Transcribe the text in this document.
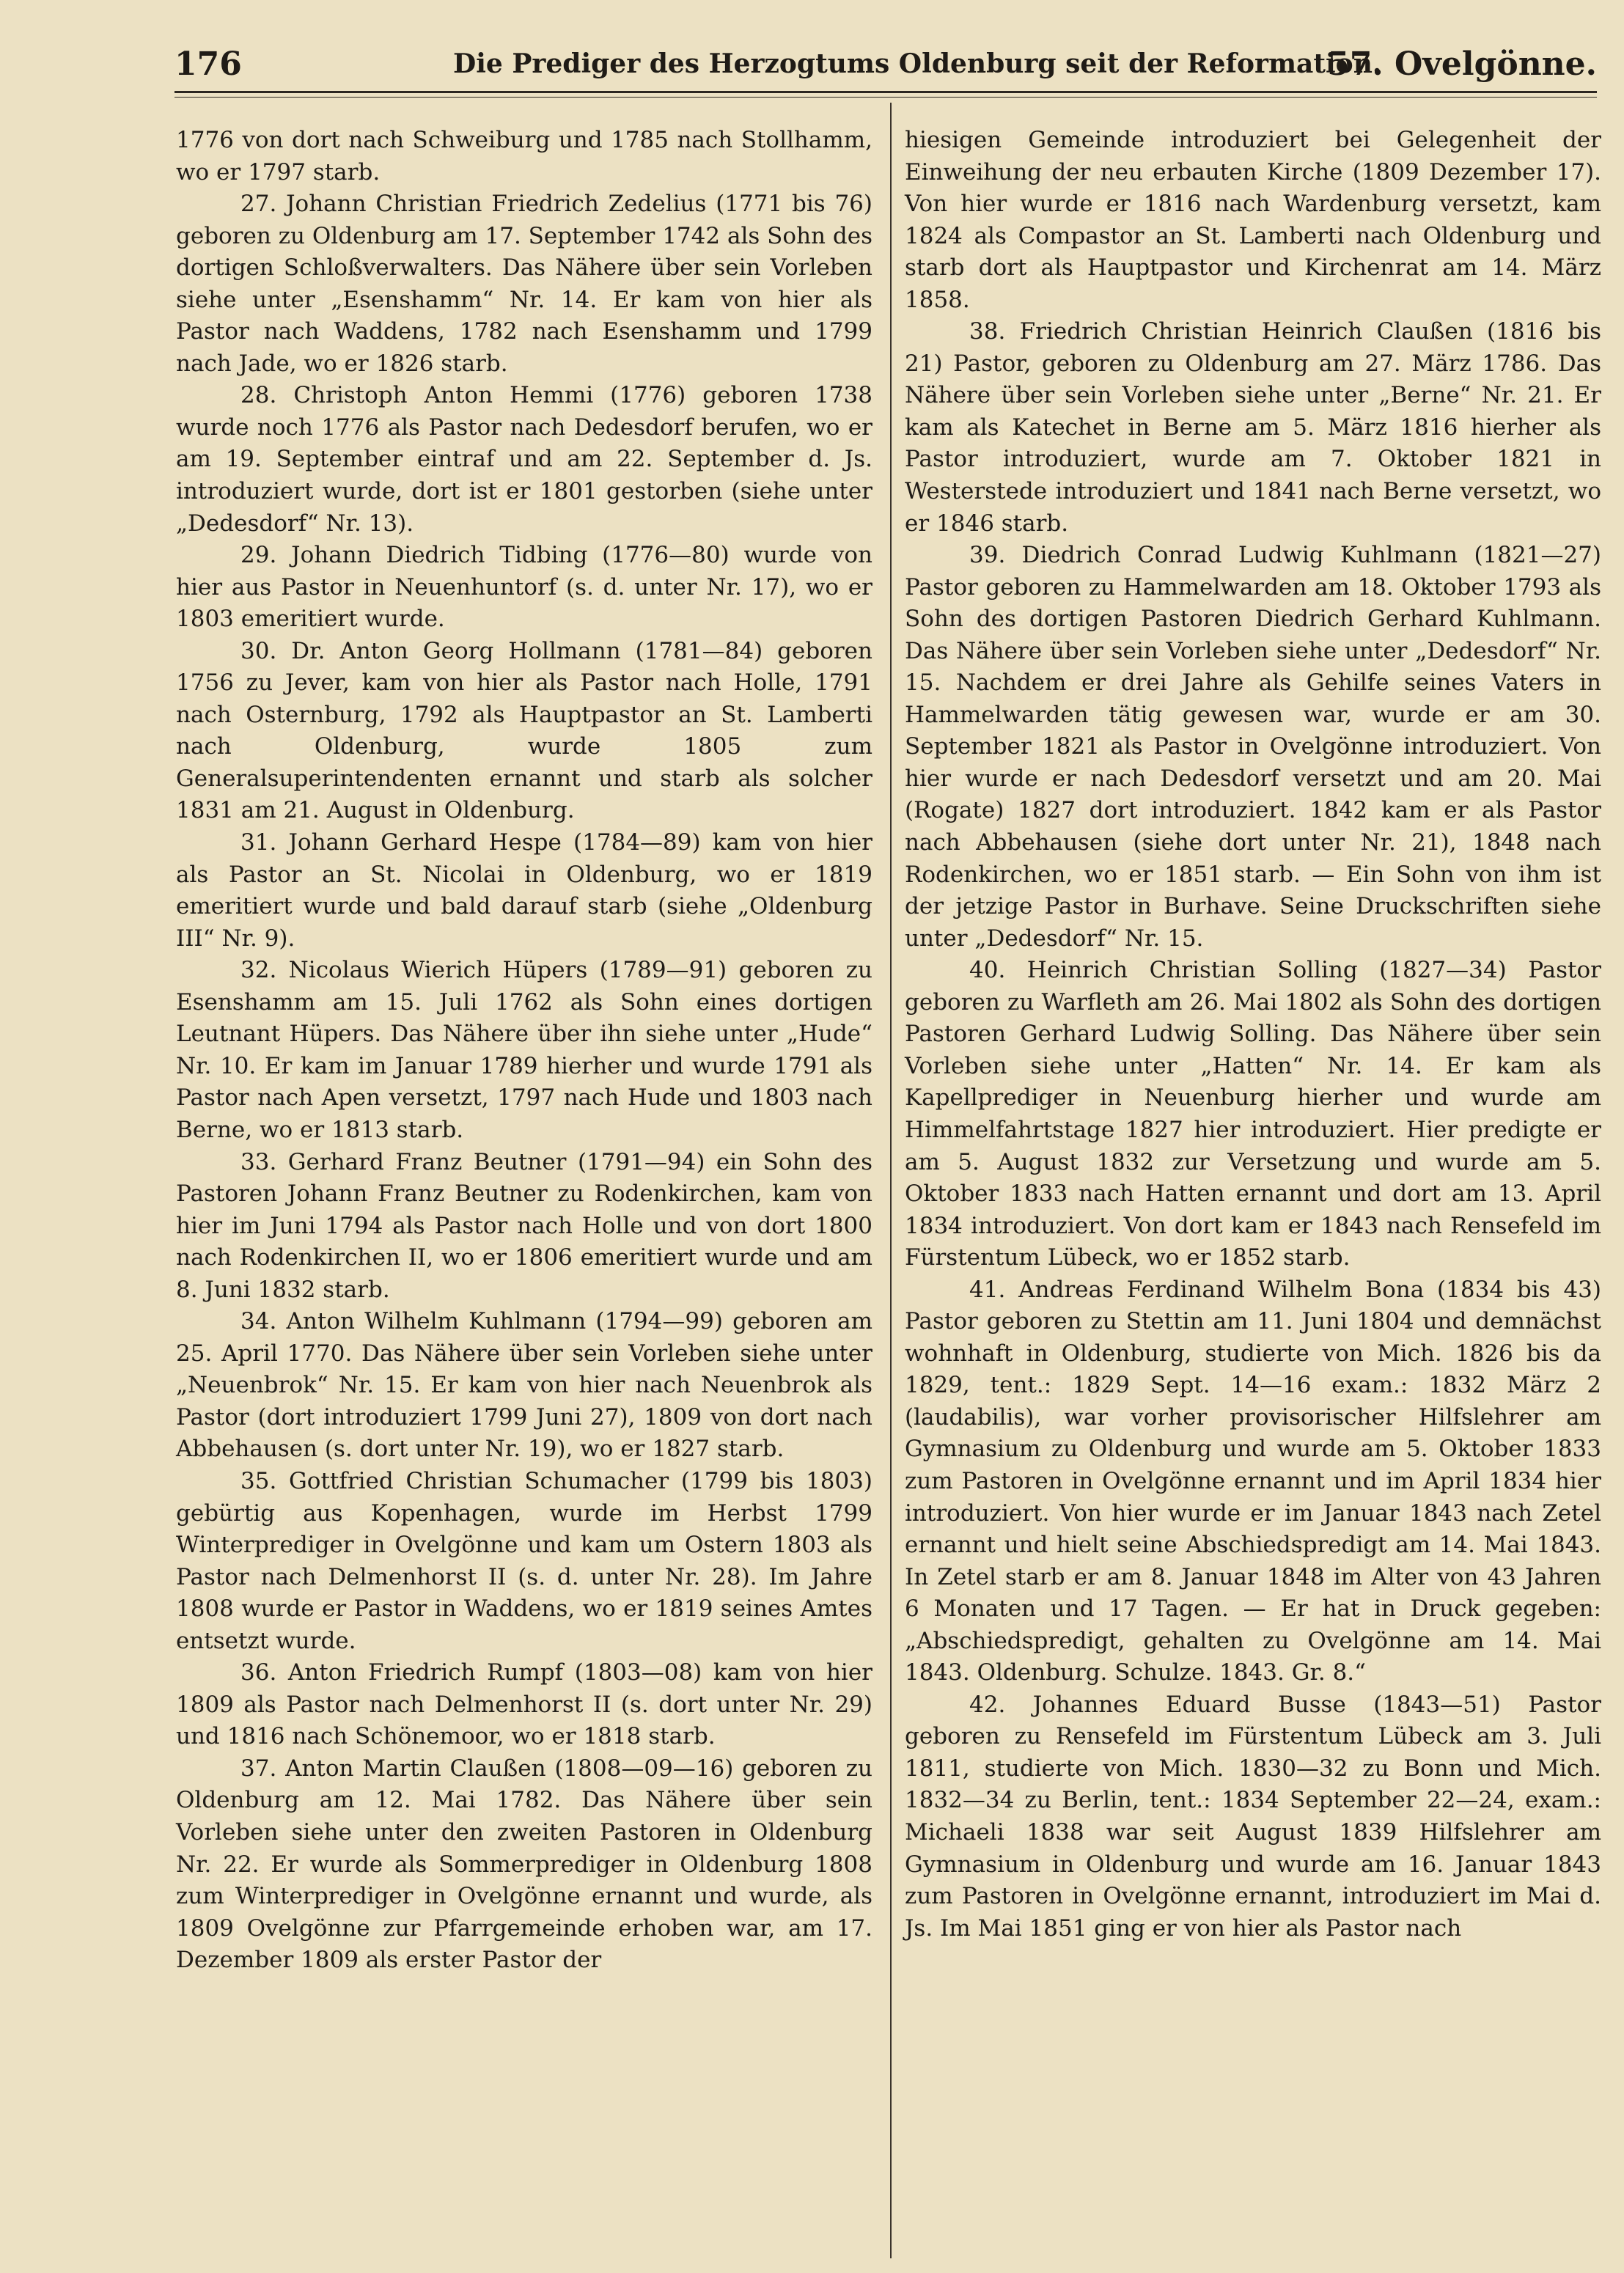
176	Die Prediger des Herzogtums Oldenburg seit der Reformation.
57. Ovelgönne.

1776 von dort nach Schweiburg und 1785 nach Stollhamm, wo er 1797 starb.

27. Johann Christian Friedrich Zedelius (1771 bis 76) geboren zu Oldenburg am 17. September 1742 als Sohn des dortigen Schloßverwalters. Das Nähere über sein Vorleben siehe unter „Esenshamm“ Nr. 14. Er kam von hier als Pastor nach Waddens, 1782 nach Esenshamm und 1799 nach Jade, wo er 1826 starb.

28. Christoph Anton Hemmi (1776) geboren 1738 wurde noch 1776 als Pastor nach Dedesdorf berufen, wo er am 19. September eintraf und am 22. September d. Js. introduziert wurde, dort ist er 1801 gestorben (siehe unter „Dedesdorf“ Nr. 13).

29. Johann Diedrich Tidbing (1776—80) wurde von hier aus Pastor in Neuenhuntorf (s. d. unter Nr. 17), wo er 1803 emeritiert wurde.

30. Dr. Anton Georg Hollmann (1781—84) geboren 1756 zu Jever, kam von hier als Pastor nach Holle, 1791 nach Osternburg, 1792 als Hauptpastor an St. Lamberti nach Oldenburg, wurde 1805 zum Generalsuperintendenten ernannt und starb als solcher 1831 am 21. August in Oldenburg.

31. Johann Gerhard Hespe (1784—89) kam von hier als Pastor an St. Nicolai in Oldenburg, wo er 1819 emeritiert wurde und bald darauf starb (siehe „Oldenburg III“ Nr. 9).

32. Nicolaus Wierich Hüpers (1789—91) geboren zu Esenshamm am 15. Juli 1762 als Sohn eines dortigen Leutnant Hüpers. Das Nähere über ihn siehe unter „Hude“ Nr. 10. Er kam im Januar 1789 hierher und wurde 1791 als Pastor nach Apen versetzt, 1797 nach Hude und 1803 nach Berne, wo er 1813 starb.

33. Gerhard Franz Beutner (1791—94) ein Sohn des Pastoren Johann Franz Beutner zu Rodenkirchen, kam von hier im Juni 1794 als Pastor nach Holle und von dort 1800 nach Rodenkirchen II, wo er 1806 emeritiert wurde und am 8. Juni 1832 starb.

34. Anton Wilhelm Kuhlmann (1794—99) geboren am 25. April 1770. Das Nähere über sein Vorleben siehe unter „Neuenbrok“ Nr. 15. Er kam von hier nach Neuenbrok als Pastor (dort introduziert 1799 Juni 27), 1809 von dort nach Abbehausen (s. dort unter Nr. 19), wo er 1827 starb.

35. Gottfried Christian Schumacher (1799 bis 1803) gebürtig aus Kopenhagen, wurde im Herbst 1799 Winterprediger in Ovelgönne und kam um Ostern 1803 als Pastor nach Delmenhorst II (s. d. unter Nr. 28). Im Jahre 1808 wurde er Pastor in Waddens, wo er 1819 seines Amtes entsetzt wurde.

36. Anton Friedrich Rumpf (1803—08) kam von hier 1809 als Pastor nach Delmenhorst II (s. dort unter Nr. 29) und 1816 nach Schönemoor, wo er 1818 starb.

37. Anton Martin Claußen (1808—09—16) geboren zu Oldenburg am 12. Mai 1782. Das Nähere über sein Vorleben siehe unter den zweiten Pastoren in Oldenburg Nr. 22. Er wurde als Sommerprediger in Oldenburg 1808 zum Winterprediger in Ovelgönne ernannt und wurde, als 1809 Ovelgönne zur Pfarrgemeinde erhoben war, am 17. Dezember 1809 als erster Pastor der

hiesigen Gemeinde introduziert bei Gelegenheit der Einweihung der neu erbauten Kirche (1809 Dezember 17). Von hier wurde er 1816 nach Wardenburg versetzt, kam 1824 als Compastor an St. Lamberti nach Oldenburg und starb dort als Hauptpastor und Kirchenrat am 14. März 1858.

38. Friedrich Christian Heinrich Claußen (1816 bis 21) Pastor, geboren zu Oldenburg am 27. März 1786. Das Nähere über sein Vorleben siehe unter „Berne“ Nr. 21. Er kam als Katechet in Berne am 5. März 1816 hierher als Pastor introduziert, wurde am 7. Oktober 1821 in Westerstede introduziert und 1841 nach Berne versetzt, wo er 1846 starb.

39. Diedrich Conrad Ludwig Kuhlmann (1821—27) Pastor geboren zu Hammelwarden am 18. Oktober 1793 als Sohn des dortigen Pastoren Diedrich Gerhard Kuhlmann. Das Nähere über sein Vorleben siehe unter „Dedesdorf“ Nr. 15. Nachdem er drei Jahre als Gehilfe seines Vaters in Hammelwarden tätig gewesen war, wurde er am 30. September 1821 als Pastor in Ovelgönne introduziert. Von hier wurde er nach Dedesdorf versetzt und am 20. Mai (Rogate) 1827 dort introduziert. 1842 kam er als Pastor nach Abbehausen (siehe dort unter Nr. 21), 1848 nach Rodenkirchen, wo er 1851 starb. — Ein Sohn von ihm ist der jetzige Pastor in Burhave. Seine Druckschriften siehe unter „Dedesdorf“ Nr. 15.

40. Heinrich Christian Solling (1827—34) Pastor geboren zu Warfleth am 26. Mai 1802 als Sohn des dortigen Pastoren Gerhard Ludwig Solling. Das Nähere über sein Vorleben siehe unter „Hatten“ Nr. 14. Er kam als Kapellprediger in Neuenburg hierher und wurde am Himmelfahrtstage 1827 hier introduziert. Hier predigte er am 5. August 1832 zur Versetzung und wurde am 5. Oktober 1833 nach Hatten ernannt und dort am 13. April 1834 introduziert. Von dort kam er 1843 nach Rensefeld im Fürstentum Lübeck, wo er 1852 starb.

41. Andreas Ferdinand Wilhelm Bona (1834 bis 43) Pastor geboren zu Stettin am 11. Juni 1804 und demnächst wohnhaft in Oldenburg, studierte von Mich. 1826 bis da 1829, tent.: 1829 Sept. 14—16 exam.: 1832 März 2 (laudabilis), war vorher provisorischer Hilfslehrer am Gymnasium zu Oldenburg und wurde am 5. Oktober 1833 zum Pastoren in Ovelgönne ernannt und im April 1834 hier introduziert. Von hier wurde er im Januar 1843 nach Zetel ernannt und hielt seine Abschiedspredigt am 14. Mai 1843. In Zetel starb er am 8. Januar 1848 im Alter von 43 Jahren 6 Monaten und 17 Tagen. — Er hat in Druck gegeben: „Abschiedspredigt, gehalten zu Ovelgönne am 14. Mai 1843. Oldenburg. Schulze. 1843. Gr. 8.“

42. Johannes Eduard Busse (1843—51) Pastor geboren zu Rensefeld im Fürstentum Lübeck am 3. Juli 1811, studierte von Mich. 1830—32 zu Bonn und Mich. 1832—34 zu Berlin, tent.: 1834 September 22—24, exam.: Michaeli 1838 war seit August 1839 Hilfslehrer am Gymnasium in Oldenburg und wurde am 16. Januar 1843 zum Pastoren in Ovelgönne ernannt, introduziert im Mai d. Js. Im Mai 1851 ging er von hier als Pastor nach
